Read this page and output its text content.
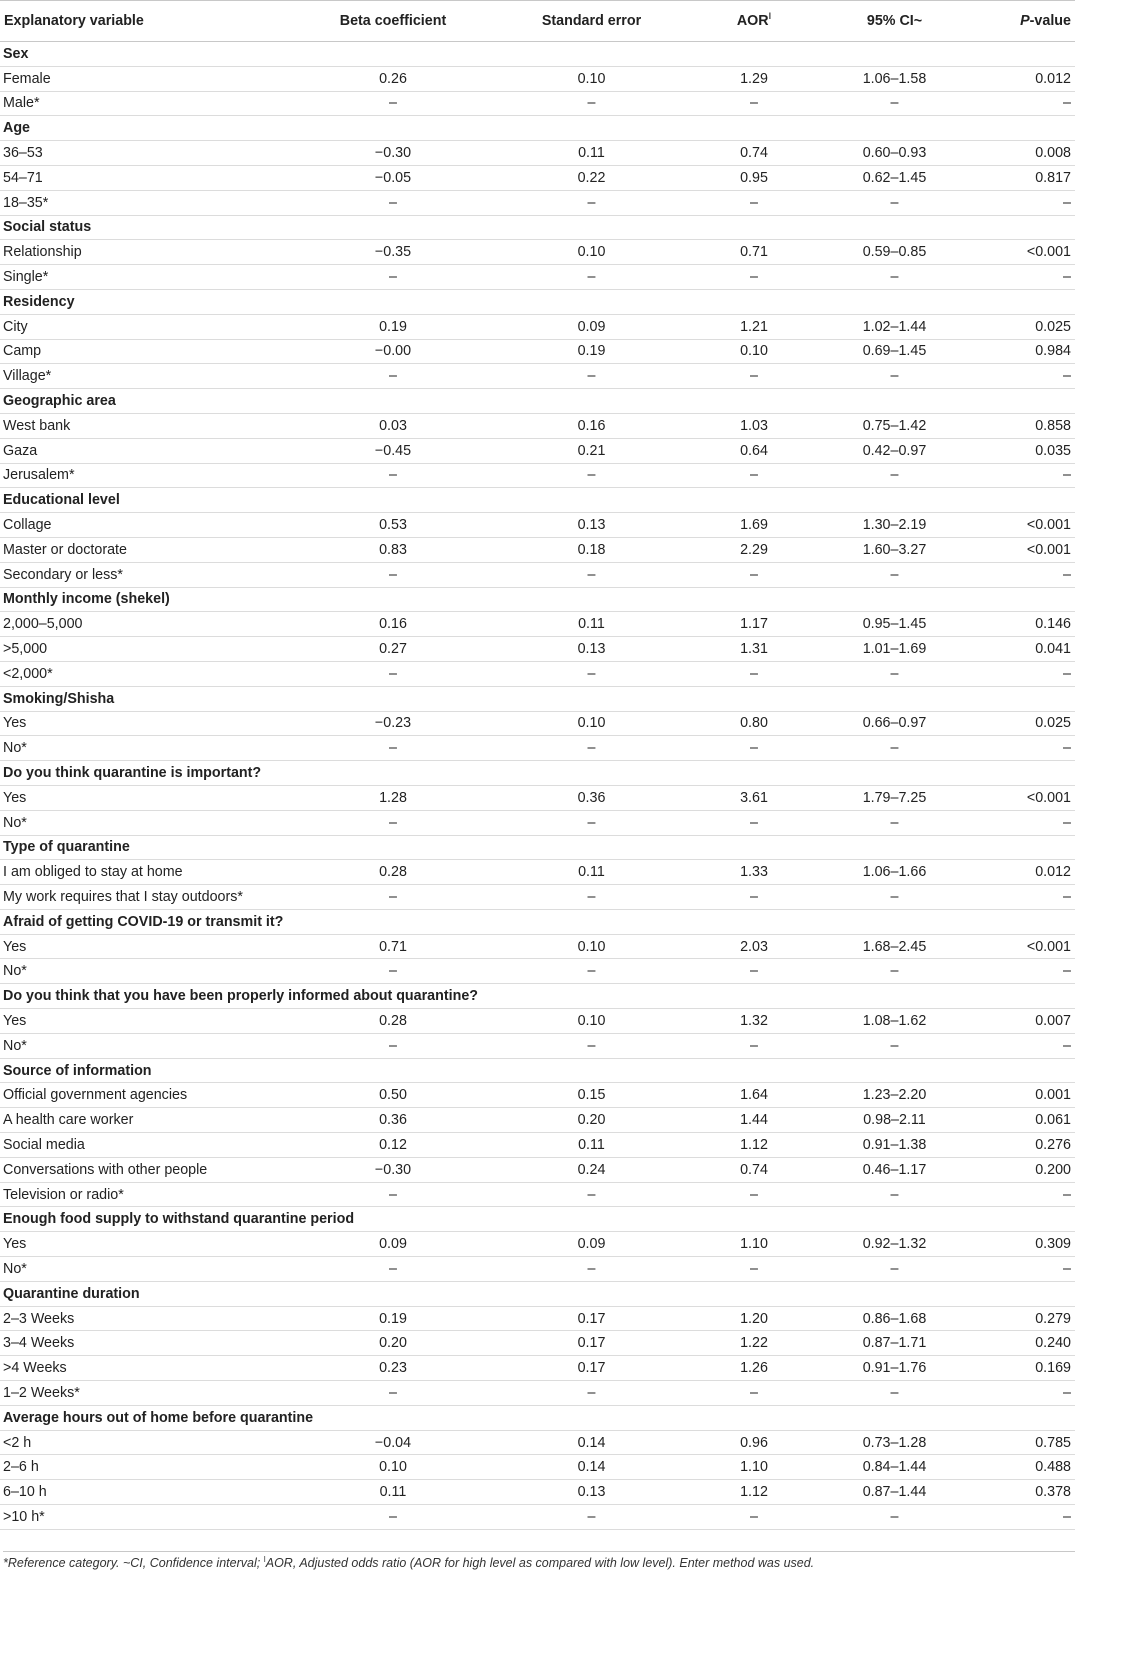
Explanatory variable	Beta coefficient	Standard error	$AOR^ǀ$	95% CI~	P-value
Sex					
Female	0.26	0.10	1.29	1.06–1.58	0.012
Male*	–	–	–	–	–
Age					
36–53	−0.30	0.11	0.74	0.60–0.93	0.008
54–71	−0.05	0.22	0.95	0.62–1.45	0.817
18–35*	–	–	–	–	–
Social status					
Relationship	−0.35	0.10	0.71	0.59–0.85	<0.001
Single*	–	–	–	–	–
Residency					
City	0.19	0.09	1.21	1.02–1.44	0.025
Camp	−0.00	0.19	0.10	0.69–1.45	0.984
Village*	–	–	–	–	–
Geographic area					
West bank	0.03	0.16	1.03	0.75–1.42	0.858
Gaza	−0.45	0.21	0.64	0.42–0.97	0.035
Jerusalem*	–	–	–	–	–
Educational level					
Collage	0.53	0.13	1.69	1.30–2.19	<0.001
Master or doctorate	0.83	0.18	2.29	1.60–3.27	<0.001
Secondary or less*	–	–	–	–	–
Monthly income (shekel)					
2,000–5,000	0.16	0.11	1.17	0.95–1.45	0.146
>5,000	0.27	0.13	1.31	1.01–1.69	0.041
<2,000*	–	–	–	–	–
Smoking/Shisha					
Yes	−0.23	0.10	0.80	0.66–0.97	0.025
No*	–	–	–	–	–
Do you think quarantine is important?					
Yes	1.28	0.36	3.61	1.79–7.25	<0.001
No*	–	–	–	–	–
Type of quarantine					
I am obliged to stay at home	0.28	0.11	1.33	1.06–1.66	0.012
My work requires that I stay outdoors*	–	–	–	–	–
Afraid of getting COVID-19 or transmit it?					
Yes	0.71	0.10	2.03	1.68–2.45	<0.001
No*	–	–	–	–	–
Do you think that you have been properly informed about quarantine?					
Yes	0.28	0.10	1.32	1.08–1.62	0.007
No*	–	–	–	–	–
Source of information					
Official government agencies	0.50	0.15	1.64	1.23–2.20	0.001
A health care worker	0.36	0.20	1.44	0.98–2.11	0.061
Social media	0.12	0.11	1.12	0.91–1.38	0.276
Conversations with other people	−0.30	0.24	0.74	0.46–1.17	0.200
Television or radio*	–	–	–	–	–
Enough food supply to withstand quarantine period					
Yes	0.09	0.09	1.10	0.92–1.32	0.309
No*	–	–	–	–	–
Quarantine duration					
2–3 Weeks	0.19	0.17	1.20	0.86–1.68	0.279
3–4 Weeks	0.20	0.17	1.22	0.87–1.71	0.240
>4 Weeks	0.23	0.17	1.26	0.91–1.76	0.169
1–2 Weeks*	–	–	–	–	–
Average hours out of home before quarantine					
<2 h	−0.04	0.14	0.96	0.73–1.28	0.785
2–6 h	0.10	0.14	1.10	0.84–1.44	0.488
6–10 h	0.11	0.13	1.12	0.87–1.44	0.378
>10 h*	–	–	–	–	–
*Reference category. ~CI, Confidence interval; $^ǀ$AOR, Adjusted odds ratio (AOR for high level as compared with low level). Enter method was used.
